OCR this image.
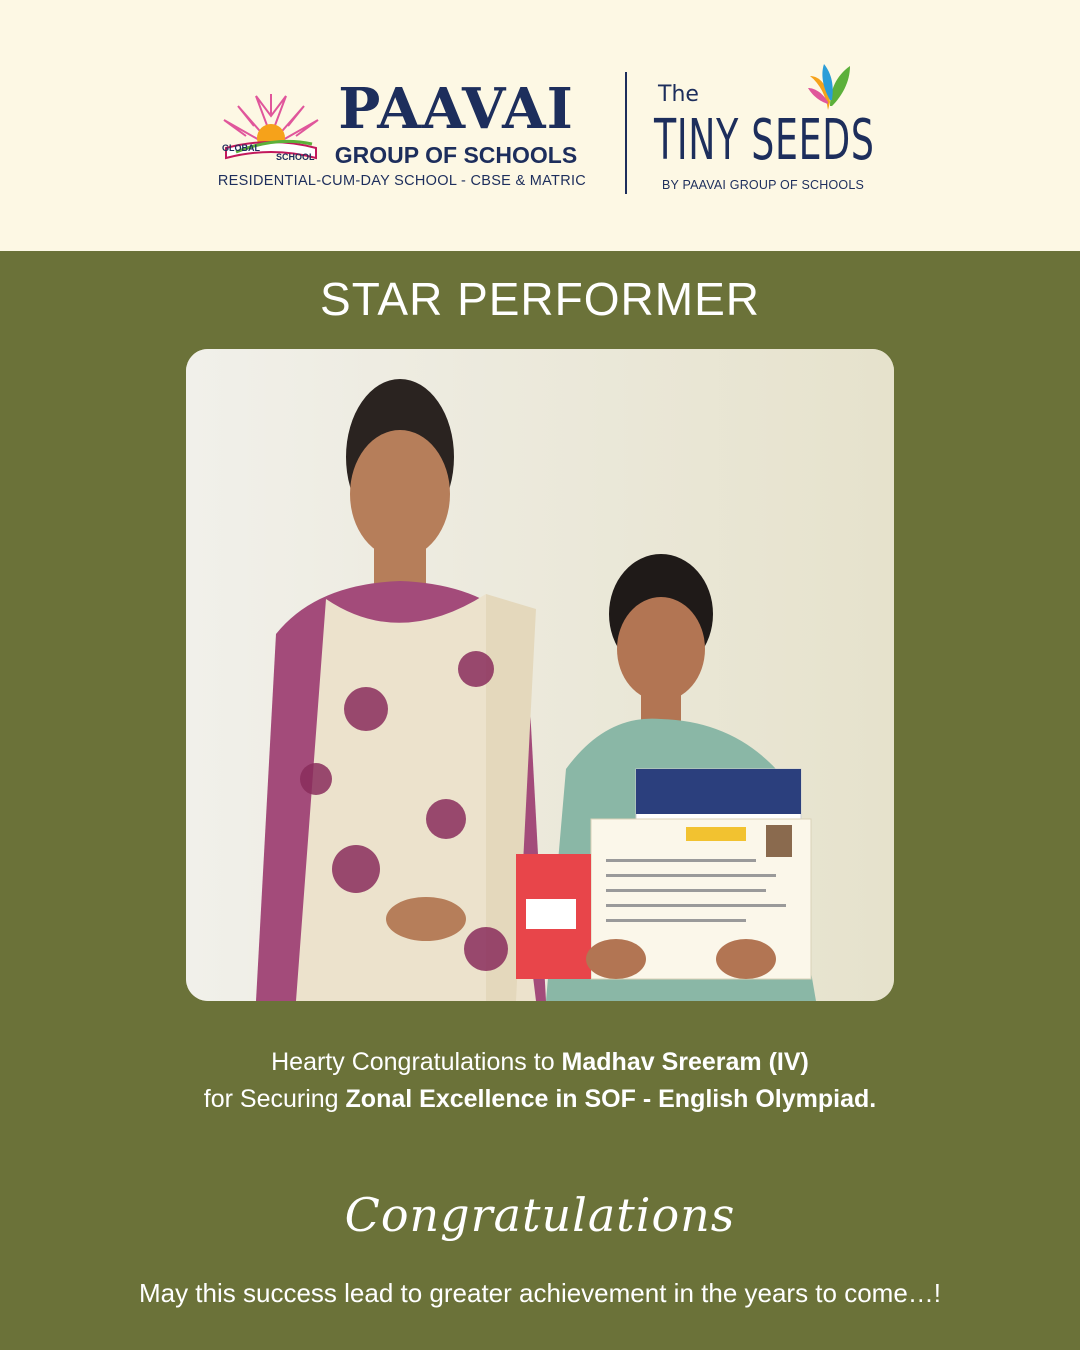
GLOBAL
SCHOOL
PAAVAI
GROUP OF SCHOOLS
RESIDENTIAL-CUM-DAY SCHOOL - CBSE & MATRIC
The
TINY SEEDS
BY PAAVAI GROUP OF SCHOOLS
STAR PERFORMER
Hearty Congratulations to Madhav Sreeram (IV)
for Securing Zonal Excellence in SOF - English Olympiad.
Congratulations
May this success lead to greater achievement in the years to come…!
